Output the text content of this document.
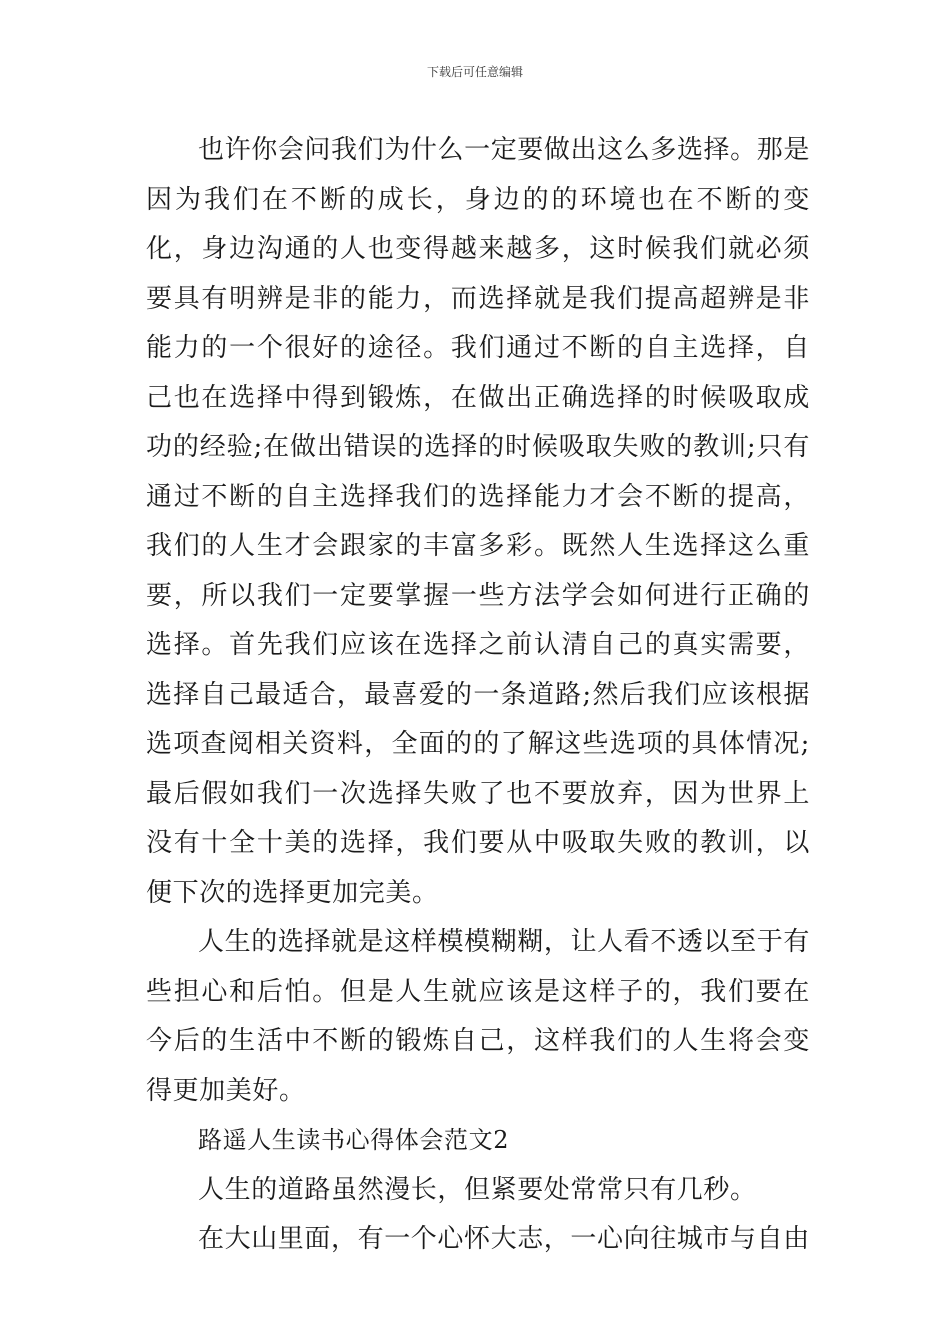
下载后可任意编辑

也许你会问我们为什么一定要做出这么多选择。那是因为我们在不断的成长，身边的的环境也在不断的变化，身边沟通的人也变得越来越多，这时候我们就必须要具有明辨是非的能力，而选择就是我们提高超辨是非能力的一个很好的途径。我们通过不断的自主选择，自己也在选择中得到锻炼，在做出正确选择的时候吸取成功的经验;在做出错误的选择的时候吸取失败的教训;只有通过不断的自主选择我们的选择能力才会不断的提高，我们的人生才会跟家的丰富多彩。既然人生选择这么重要，所以我们一定要掌握一些方法学会如何进行正确的选择。首先我们应该在选择之前认清自己的真实需要，选择自己最适合，最喜爱的一条道路;然后我们应该根据选项查阅相关资料，全面的的了解这些选项的具体情况;最后假如我们一次选择失败了也不要放弃，因为世界上没有十全十美的选择，我们要从中吸取失败的教训，以便下次的选择更加完美。

人生的选择就是这样模模糊糊，让人看不透以至于有些担心和后怕。但是人生就应该是这样子的，我们要在今后的生活中不断的锻炼自己，这样我们的人生将会变得更加美好。

路遥人生读书心得体会范文2

人生的道路虽然漫长，但紧要处常常只有几秒。

在大山里面，有一个心怀大志，一心向往城市与自由
